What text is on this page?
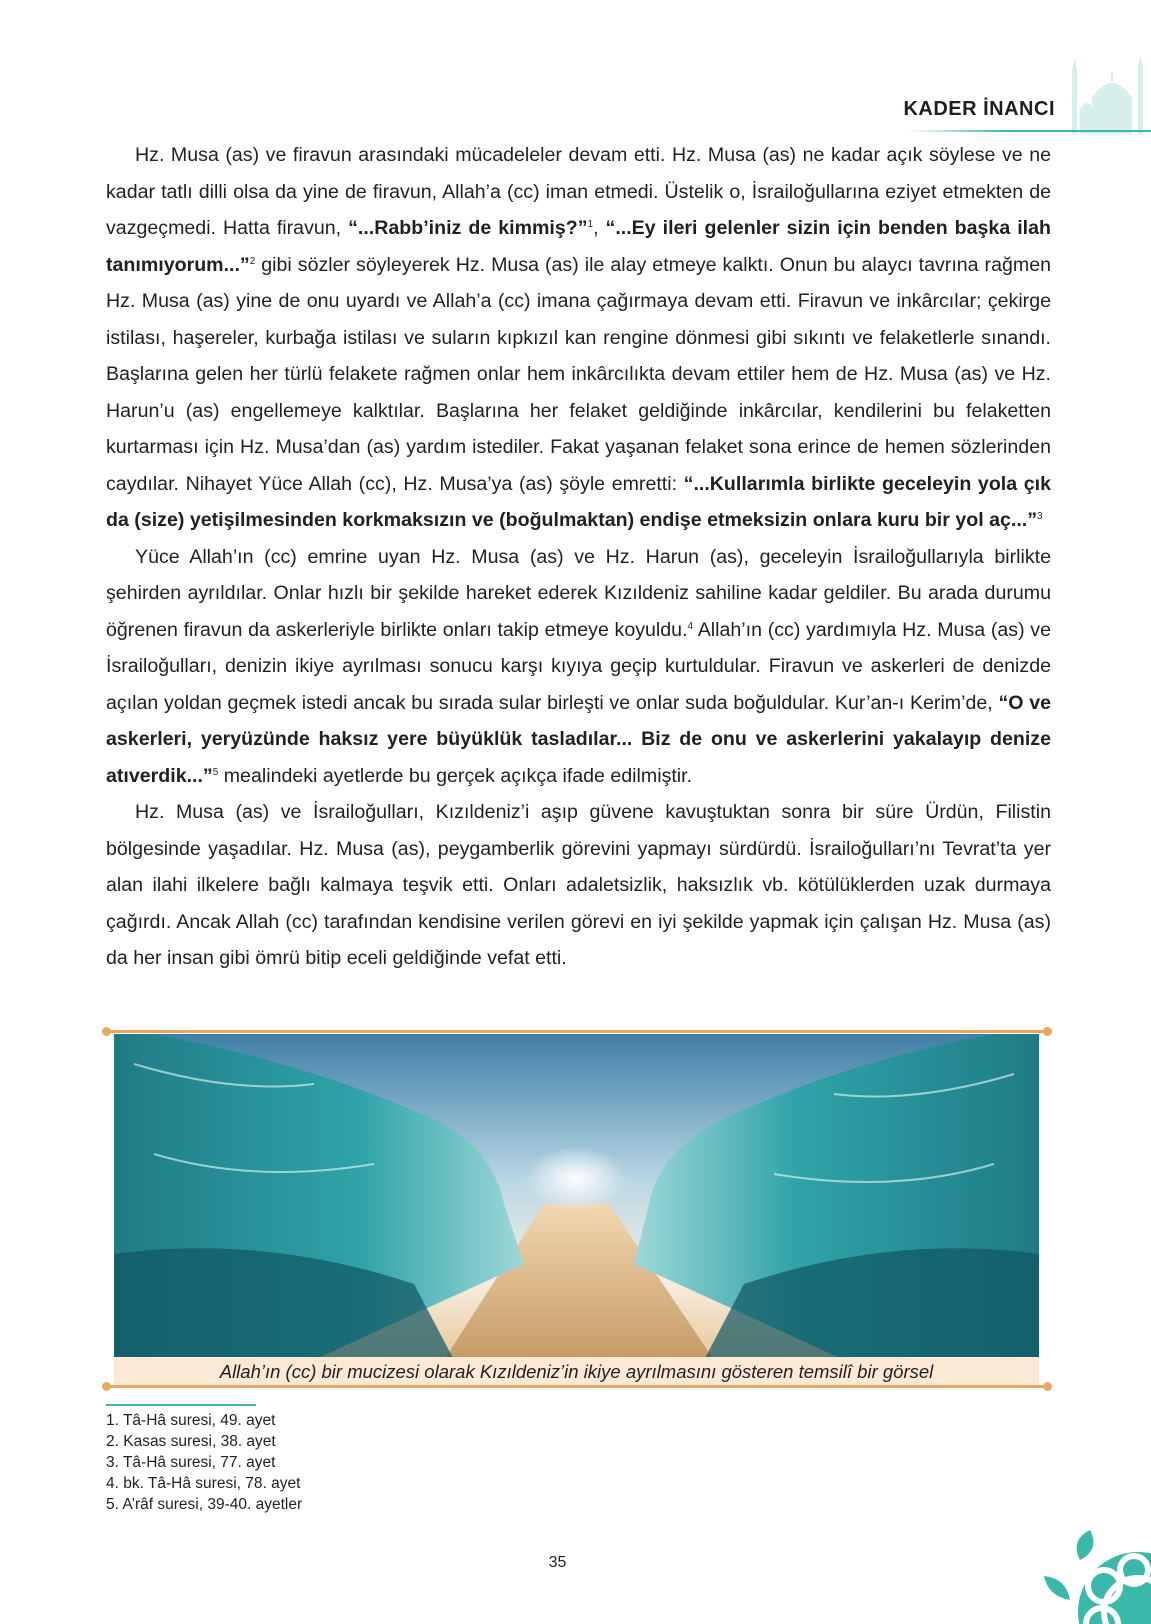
KADER İNANCI

Hz. Musa (as) ve firavun arasındaki mücadeleler devam etti. Hz. Musa (as) ne kadar açık söylese ve ne kadar tatlı dilli olsa da yine de firavun, Allah’a (cc) iman etmedi. Üstelik o, İsrailoğullarına eziyet etmekten de vazgeçmedi. Hatta firavun, “...Rabb’iniz de kimmiş?”$^1$, “...Ey ileri gelenler sizin için benden başka ilah tanımıyorum...”$^2$ gibi sözler söyleyerek Hz. Musa (as) ile alay etmeye kalktı. Onun bu alaycı tavrına rağmen Hz. Musa (as) yine de onu uyardı ve Allah’a (cc) imana çağırmaya devam etti. Firavun ve inkârcılar; çekirge istilası, haşereler, kurbağa istilası ve suların kıpkızıl kan rengine dönmesi gibi sıkıntı ve felaketlerle sınandı. Başlarına gelen her türlü felakete rağmen onlar hem inkârcılıkta devam ettiler hem de Hz. Musa (as) ve Hz. Harun’u (as) engellemeye kalktılar. Başlarına her felaket geldiğinde inkârcılar, kendilerini bu felaketten kurtarması için Hz. Musa’dan (as) yardım istediler. Fakat yaşanan felaket sona erince de hemen sözlerinden caydılar. Nihayet Yüce Allah (cc), Hz. Musa’ya (as) şöyle emretti: “...Kullarımla birlikte geceleyin yola çık da (size) yetişilmesinden korkmaksızın ve (boğulmaktan) endişe etmeksizin onlara kuru bir yol aç...”$^3$

Yüce Allah’ın (cc) emrine uyan Hz. Musa (as) ve Hz. Harun (as), geceleyin İsrailoğullarıyla birlikte şehirden ayrıldılar. Onlar hızlı bir şekilde hareket ederek Kızıldeniz sahiline kadar geldiler. Bu arada durumu öğrenen firavun da askerleriyle birlikte onları takip etmeye koyuldu.$^4$ Allah’ın (cc) yardımıyla Hz. Musa (as) ve İsrailoğulları, denizin ikiye ayrılması sonucu karşı kıyıya geçip kurtuldular. Firavun ve askerleri de denizde açılan yoldan geçmek istedi ancak bu sırada sular birleşti ve onlar suda boğuldular. Kur’an-ı Kerim’de, “O ve askerleri, yeryüzünde haksız yere büyüklük tasladılar... Biz de onu ve askerlerini yakalayıp denize atıverdik...”$^5$ mealindeki ayetlerde bu gerçek açıkça ifade edilmiştir.

Hz. Musa (as) ve İsrailoğulları, Kızıldeniz’i aşıp güvene kavuştuktan sonra bir süre Ürdün, Filistin bölgesinde yaşadılar. Hz. Musa (as), peygamberlik görevini yapmayı sürdürdü. İsrailoğulları’nı Tevrat’ta yer alan ilahi ilkelere bağlı kalmaya teşvik etti. Onları adaletsizlik, haksızlık vb. kötülüklerden uzak durmaya çağırdı. Ancak Allah (cc) tarafından kendisine verilen görevi en iyi şekilde yapmak için çalışan Hz. Musa (as) da her insan gibi ömrü bitip eceli geldiğinde vefat etti.

Allah’ın (cc) bir mucizesi olarak Kızıldeniz’in ikiye ayrılmasını gösteren temsilî bir görsel
1. Tâ-Hâ suresi, 49. ayet
2. Kasas suresi, 38. ayet
3. Tâ-Hâ suresi, 77. ayet
4. bk. Tâ-Hâ suresi, 78. ayet
5. A’râf suresi, 39-40. ayetler
35
